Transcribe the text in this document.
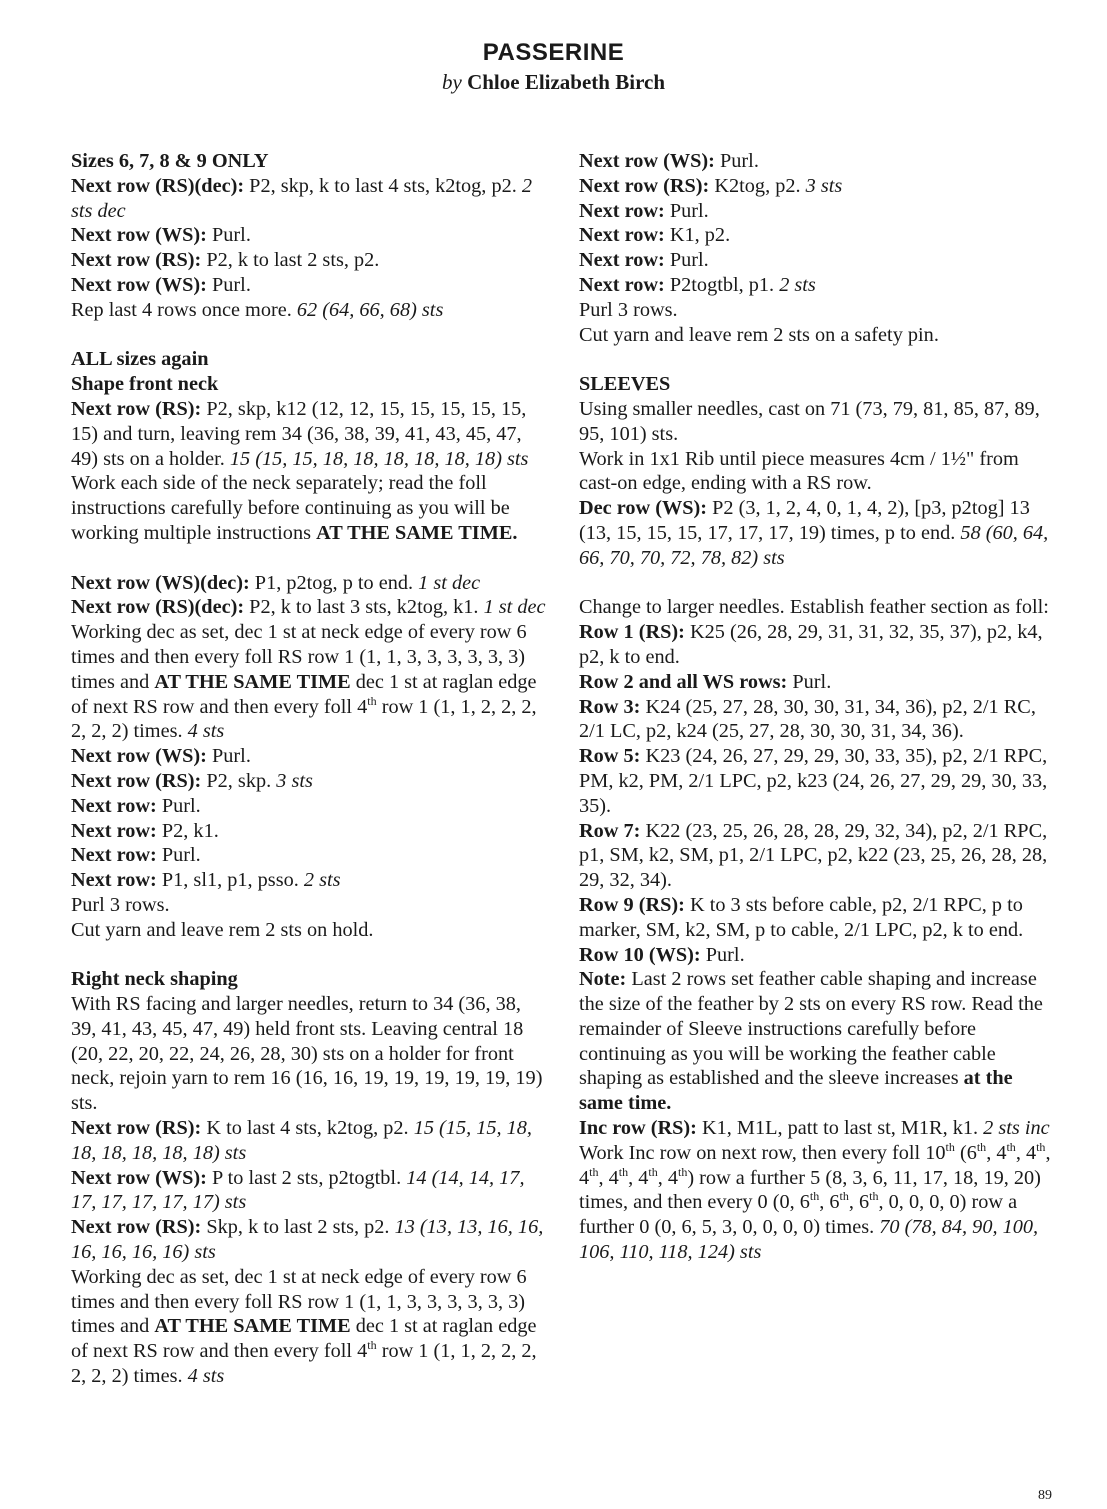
PASSERINE
by Chloe Elizabeth Birch
Sizes 6, 7, 8 & 9 ONLY
Next row (RS)(dec): P2, skp, k to last 4 sts, k2tog, p2. 2 sts dec
Next row (WS): Purl.
Next row (RS): P2, k to last 2 sts, p2.
Next row (WS): Purl.
Rep last 4 rows once more. 62 (64, 66, 68) sts
ALL sizes again
Shape front neck
Next row (RS): P2, skp, k12 (12, 12, 15, 15, 15, 15, 15, 15) and turn, leaving rem 34 (36, 38, 39, 41, 43, 45, 47, 49) sts on a holder. 15 (15, 15, 18, 18, 18, 18, 18, 18) sts
Work each side of the neck separately; read the foll instructions carefully before continuing as you will be working multiple instructions AT THE SAME TIME.
Next row (WS)(dec): P1, p2tog, p to end. 1 st dec
Next row (RS)(dec): P2, k to last 3 sts, k2tog, k1. 1 st dec
Working dec as set, dec 1 st at neck edge of every row 6 times and then every foll RS row 1 (1, 1, 3, 3, 3, 3, 3, 3) times and AT THE SAME TIME dec 1 st at raglan edge of next RS row and then every foll 4th row 1 (1, 1, 2, 2, 2, 2, 2, 2) times. 4 sts
Next row (WS): Purl.
Next row (RS): P2, skp. 3 sts
Next row: Purl.
Next row: P2, k1.
Next row: Purl.
Next row: P1, sl1, p1, psso. 2 sts
Purl 3 rows.
Cut yarn and leave rem 2 sts on hold.
Right neck shaping
With RS facing and larger needles, return to 34 (36, 38, 39, 41, 43, 45, 47, 49) held front sts. Leaving central 18 (20, 22, 20, 22, 24, 26, 28, 30) sts on a holder for front neck, rejoin yarn to rem 16 (16, 16, 19, 19, 19, 19, 19, 19) sts.
Next row (RS): K to last 4 sts, k2tog, p2. 15 (15, 15, 18, 18, 18, 18, 18, 18) sts
Next row (WS): P to last 2 sts, p2togtbl. 14 (14, 14, 17, 17, 17, 17, 17, 17) sts
Next row (RS): Skp, k to last 2 sts, p2. 13 (13, 13, 16, 16, 16, 16, 16, 16) sts
Working dec as set, dec 1 st at neck edge of every row 6 times and then every foll RS row 1 (1, 1, 3, 3, 3, 3, 3, 3) times and AT THE SAME TIME dec 1 st at raglan edge of next RS row and then every foll 4th row 1 (1, 1, 2, 2, 2, 2, 2, 2) times. 4 sts
Next row (WS): Purl.
Next row (RS): K2tog, p2. 3 sts
Next row: Purl.
Next row: K1, p2.
Next row: Purl.
Next row: P2togtbl, p1. 2 sts
Purl 3 rows.
Cut yarn and leave rem 2 sts on a safety pin.
SLEEVES
Using smaller needles, cast on 71 (73, 79, 81, 85, 87, 89, 95, 101) sts.
Work in 1x1 Rib until piece measures 4cm / 1½" from cast-on edge, ending with a RS row.
Dec row (WS): P2 (3, 1, 2, 4, 0, 1, 4, 2), [p3, p2tog] 13 (13, 15, 15, 15, 17, 17, 17, 19) times, p to end. 58 (60, 64, 66, 70, 70, 72, 78, 82) sts
Change to larger needles. Establish feather section as foll:
Row 1 (RS): K25 (26, 28, 29, 31, 31, 32, 35, 37), p2, k4, p2, k to end.
Row 2 and all WS rows: Purl.
Row 3: K24 (25, 27, 28, 30, 30, 31, 34, 36), p2, 2/1 RC, 2/1 LC, p2, k24 (25, 27, 28, 30, 30, 31, 34, 36).
Row 5: K23 (24, 26, 27, 29, 29, 30, 33, 35), p2, 2/1 RPC, PM, k2, PM, 2/1 LPC, p2, k23 (24, 26, 27, 29, 29, 30, 33, 35).
Row 7: K22 (23, 25, 26, 28, 28, 29, 32, 34), p2, 2/1 RPC, p1, SM, k2, SM, p1, 2/1 LPC, p2, k22 (23, 25, 26, 28, 28, 29, 32, 34).
Row 9 (RS): K to 3 sts before cable, p2, 2/1 RPC, p to marker, SM, k2, SM, p to cable, 2/1 LPC, p2, k to end.
Row 10 (WS): Purl.
Note: Last 2 rows set feather cable shaping and increase the size of the feather by 2 sts on every RS row. Read the remainder of Sleeve instructions carefully before continuing as you will be working the feather cable shaping as established and the sleeve increases at the same time.
Inc row (RS): K1, M1L, patt to last st, M1R, k1. 2 sts inc
Work Inc row on next row, then every foll 10th (6th, 4th, 4th, 4th, 4th, 4th, 4th) row a further 5 (8, 3, 6, 11, 17, 18, 19, 20) times, and then every 0 (0, 6th, 6th, 6th, 0, 0, 0, 0) row a further 0 (0, 6, 5, 3, 0, 0, 0, 0) times. 70 (78, 84, 90, 100, 106, 110, 118, 124) sts
89
